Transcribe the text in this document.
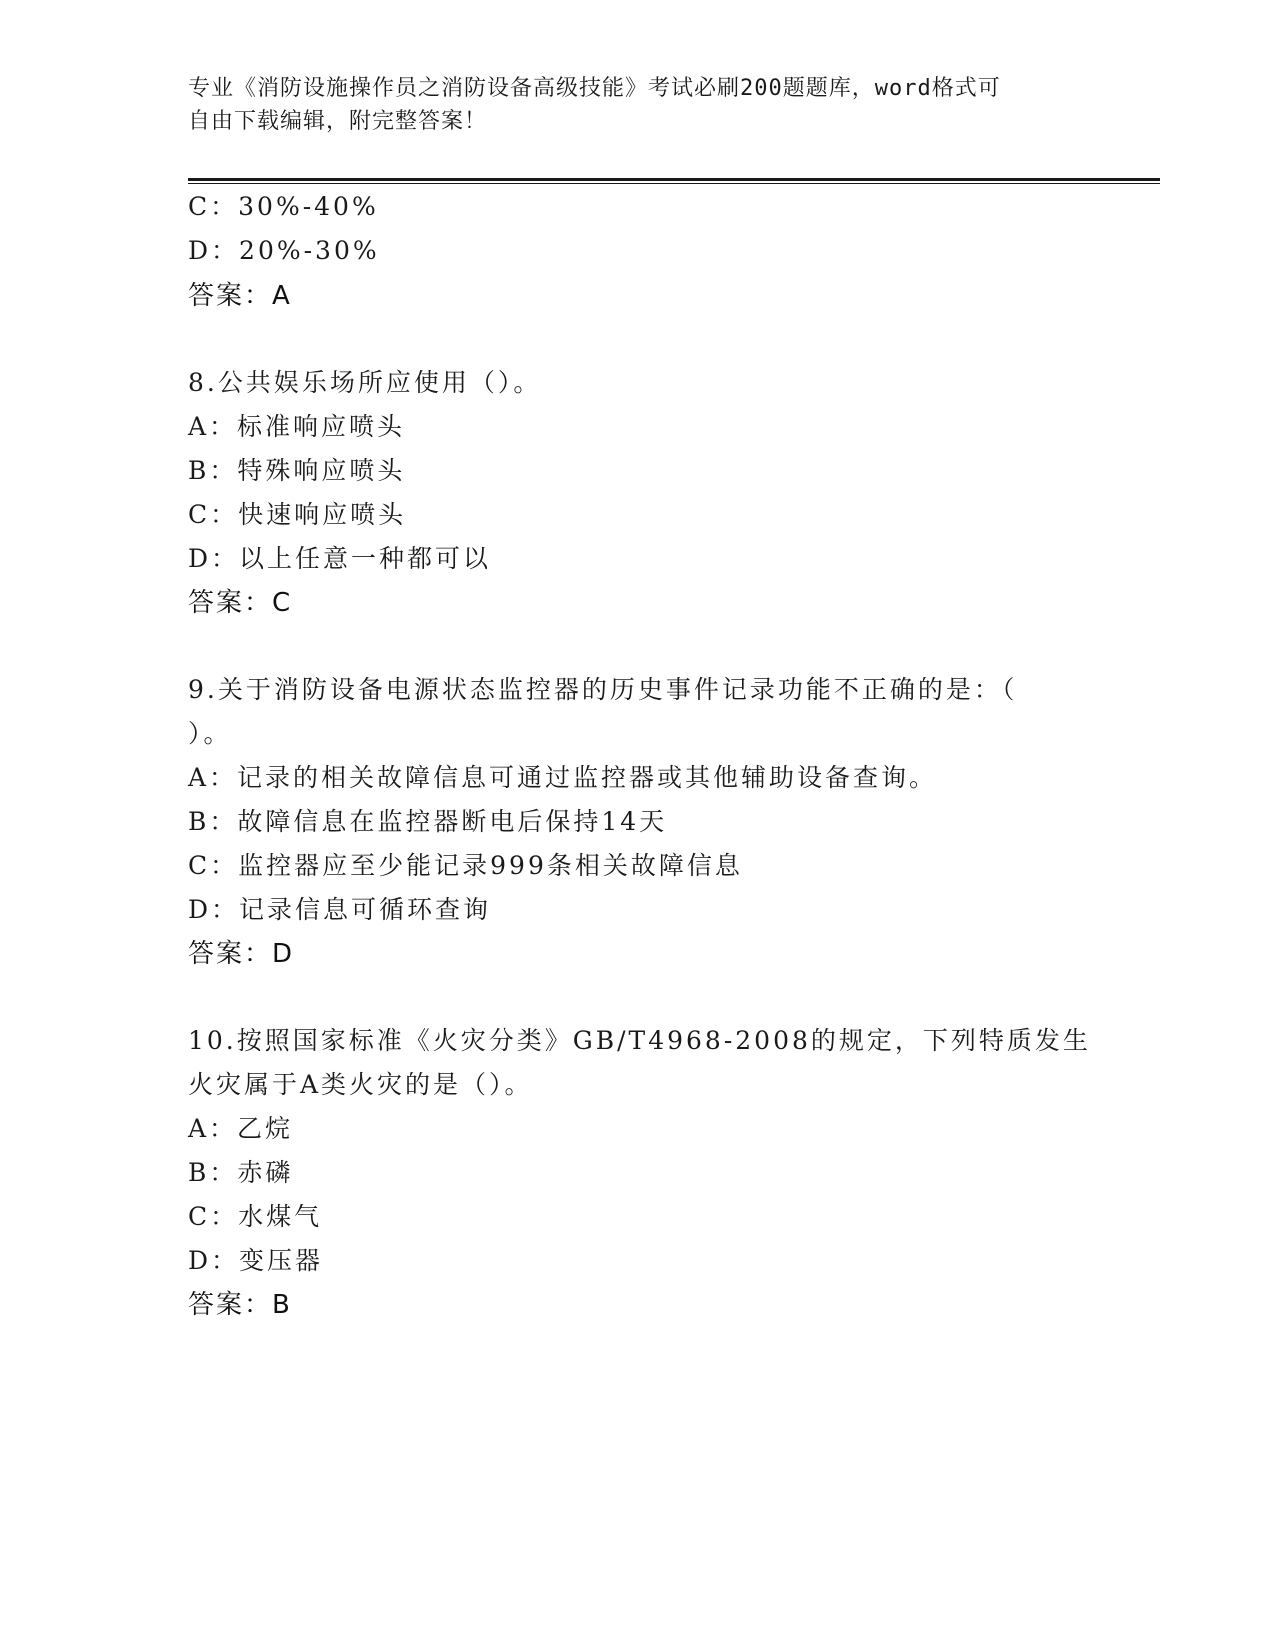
专业《消防设施操作员之消防设备高级技能》考试必刷200题题库，word格式可
自由下载编辑，附完整答案！
C：30%-40%
D：20%-30%
答案：A
8.公共娱乐场所应使用（）。
A：标准响应喷头
B：特殊响应喷头
C：快速响应喷头
D：以上任意一种都可以
答案：C
9.关于消防设备电源状态监控器的历史事件记录功能不正确的是：（
）。
A：记录的相关故障信息可通过监控器或其他辅助设备查询。
B：故障信息在监控器断电后保持14天
C：监控器应至少能记录999条相关故障信息
D：记录信息可循环查询
答案：D
10.按照国家标准《火灾分类》GB/T4968-2008的规定，下列特质发生
火灾属于A类火灾的是（）。
A：乙烷
B：赤磷
C：水煤气
D：变压器
答案：B
